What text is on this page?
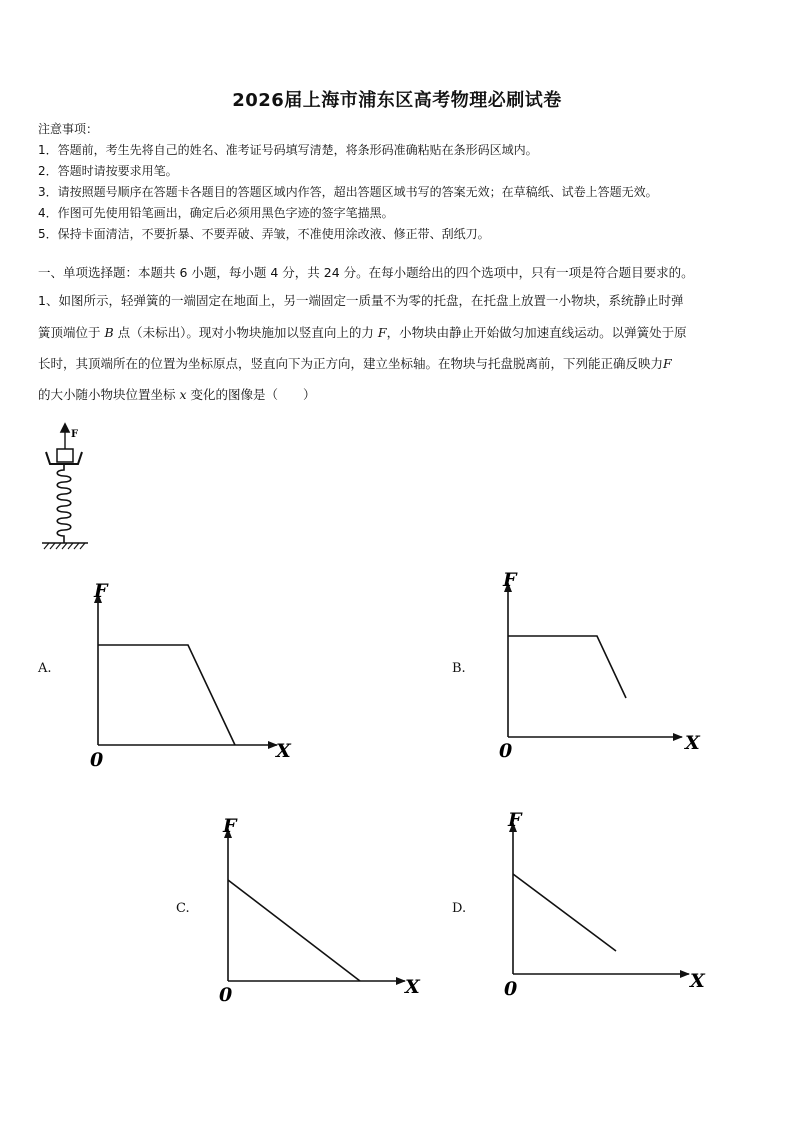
2026届上海市浦东区高考物理必刷试卷
注意事项：
1．答题前，考生先将自己的姓名、准考证号码填写清楚，将条形码准确粘贴在条形码区域内。
2．答题时请按要求用笔。
3．请按照题号顺序在答题卡各题目的答题区域内作答，超出答题区域书写的答案无效；在草稿纸、试卷上答题无效。
4．作图可先使用铅笔画出，确定后必须用黑色字迹的签字笔描黑。
5．保持卡面清洁，不要折暴、不要弄破、弄皱，不准使用涂改液、修正带、刮纸刀。
一、单项选择题：本题共 6 小题，每小题 4 分，共 24 分。在每小题给出的四个选项中，只有一项是符合题目要求的。
1、如图所示，轻弹簧的一端固定在地面上，另一端固定一质量不为零的托盘，在托盘上放置一小物块，系统静止时弹
簧顶端位于 B 点（未标出）。现对小物块施加以竖直向上的力 F，小物块由静止开始做匀加速直线运动。以弹簧处于原
长时，其顶端所在的位置为坐标原点，竖直向下为正方向，建立坐标轴。在物块与托盘脱离前，下列能正确反映力F
的大小随小物块位置坐标 x 变化的图像是（　　）
F
A.	B.
C.	D.
F
X
0
F
X
0
F
X
0
F
X
0
